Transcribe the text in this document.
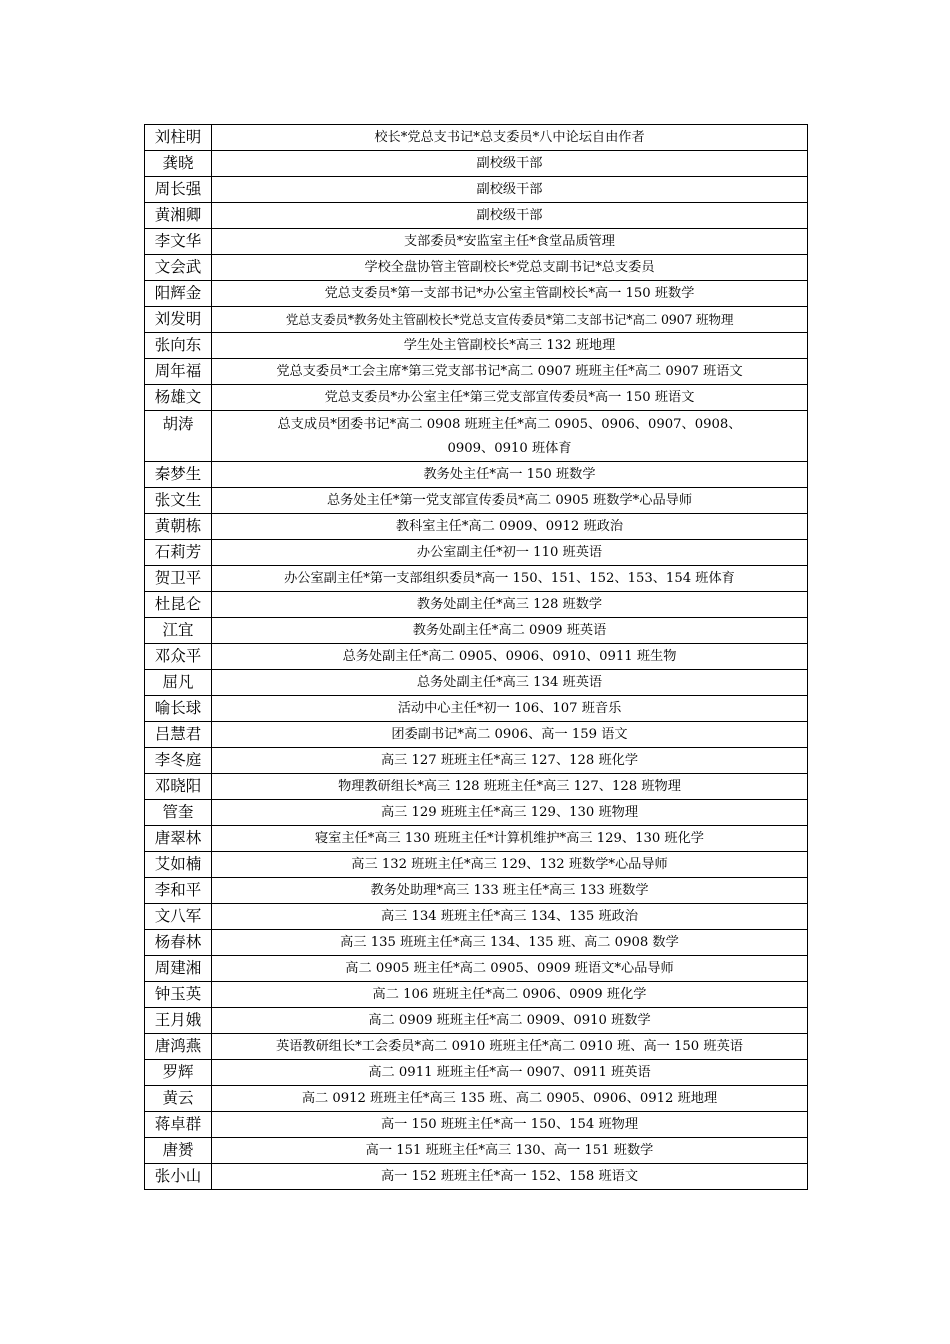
刘柱明	校长*党总支书记*总支委员*八中论坛自由作者
龚晓	副校级干部
周长强	副校级干部
黄湘卿	副校级干部
李文华	支部委员*安监室主任*食堂品质管理
文会武	学校全盘协管主管副校长*党总支副书记*总支委员
阳辉金	党总支委员*第一支部书记*办公室主管副校长*高一 150 班数学
刘发明	党总支委员*教务处主管副校长*党总支宣传委员*第二支部书记*高二 0907 班物理
张向东	学生处主管副校长*高三 132 班地理
周年福	党总支委员*工会主席*第三党支部书记*高二 0907 班班主任*高二 0907 班语文
杨雄文	党总支委员*办公室主任*第三党支部宣传委员*高一 150 班语文
胡涛	总支成员*团委书记*高二 0908 班班主任*高二 0905、0906、0907、0908、0909、0910 班体育
秦梦生	教务处主任*高一 150 班数学
张文生	总务处主任*第一党支部宣传委员*高二 0905 班数学*心品导师
黄朝栋	教科室主任*高二 0909、0912 班政治
石莉芳	办公室副主任*初一 110 班英语
贺卫平	办公室副主任*第一支部组织委员*高一 150、151、152、153、154 班体育
杜昆仑	教务处副主任*高三 128 班数学
江宜	教务处副主任*高二 0909 班英语
邓众平	总务处副主任*高二 0905、0906、0910、0911 班生物
屈凡	总务处副主任*高三 134 班英语
喻长球	活动中心主任*初一 106、107 班音乐
吕慧君	团委副书记*高二 0906、高一 159 语文
李冬庭	高三 127 班班主任*高三 127、128 班化学
邓晓阳	物理教研组长*高三 128 班班主任*高三 127、128 班物理
管奎	高三 129 班班主任*高三 129、130 班物理
唐翠林	寝室主任*高三 130 班班主任*计算机维护*高三 129、130 班化学
艾如楠	高三 132 班班主任*高三 129、132 班数学*心品导师
李和平	教务处助理*高三 133 班主任*高三 133 班数学
文八军	高三 134 班班主任*高三 134、135 班政治
杨春林	高三 135 班班主任*高三 134、135 班、高二 0908 数学
周建湘	高二 0905 班主任*高二 0905、0909 班语文*心品导师
钟玉英	高二 106 班班主任*高二 0906、0909 班化学
王月娥	高二 0909 班班主任*高二 0909、0910 班数学
唐鸿燕	英语教研组长*工会委员*高二 0910 班班主任*高二 0910 班、高一 150 班英语
罗辉	高二 0911 班班主任*高一 0907、0911 班英语
黄云	高二 0912 班班主任*高三 135 班、高二 0905、0906、0912 班地理
蒋卓群	高一 150 班班主任*高一 150、154 班物理
唐赟	高一 151 班班主任*高三 130、高一 151 班数学
张小山	高一 152 班班主任*高一 152、158 班语文
